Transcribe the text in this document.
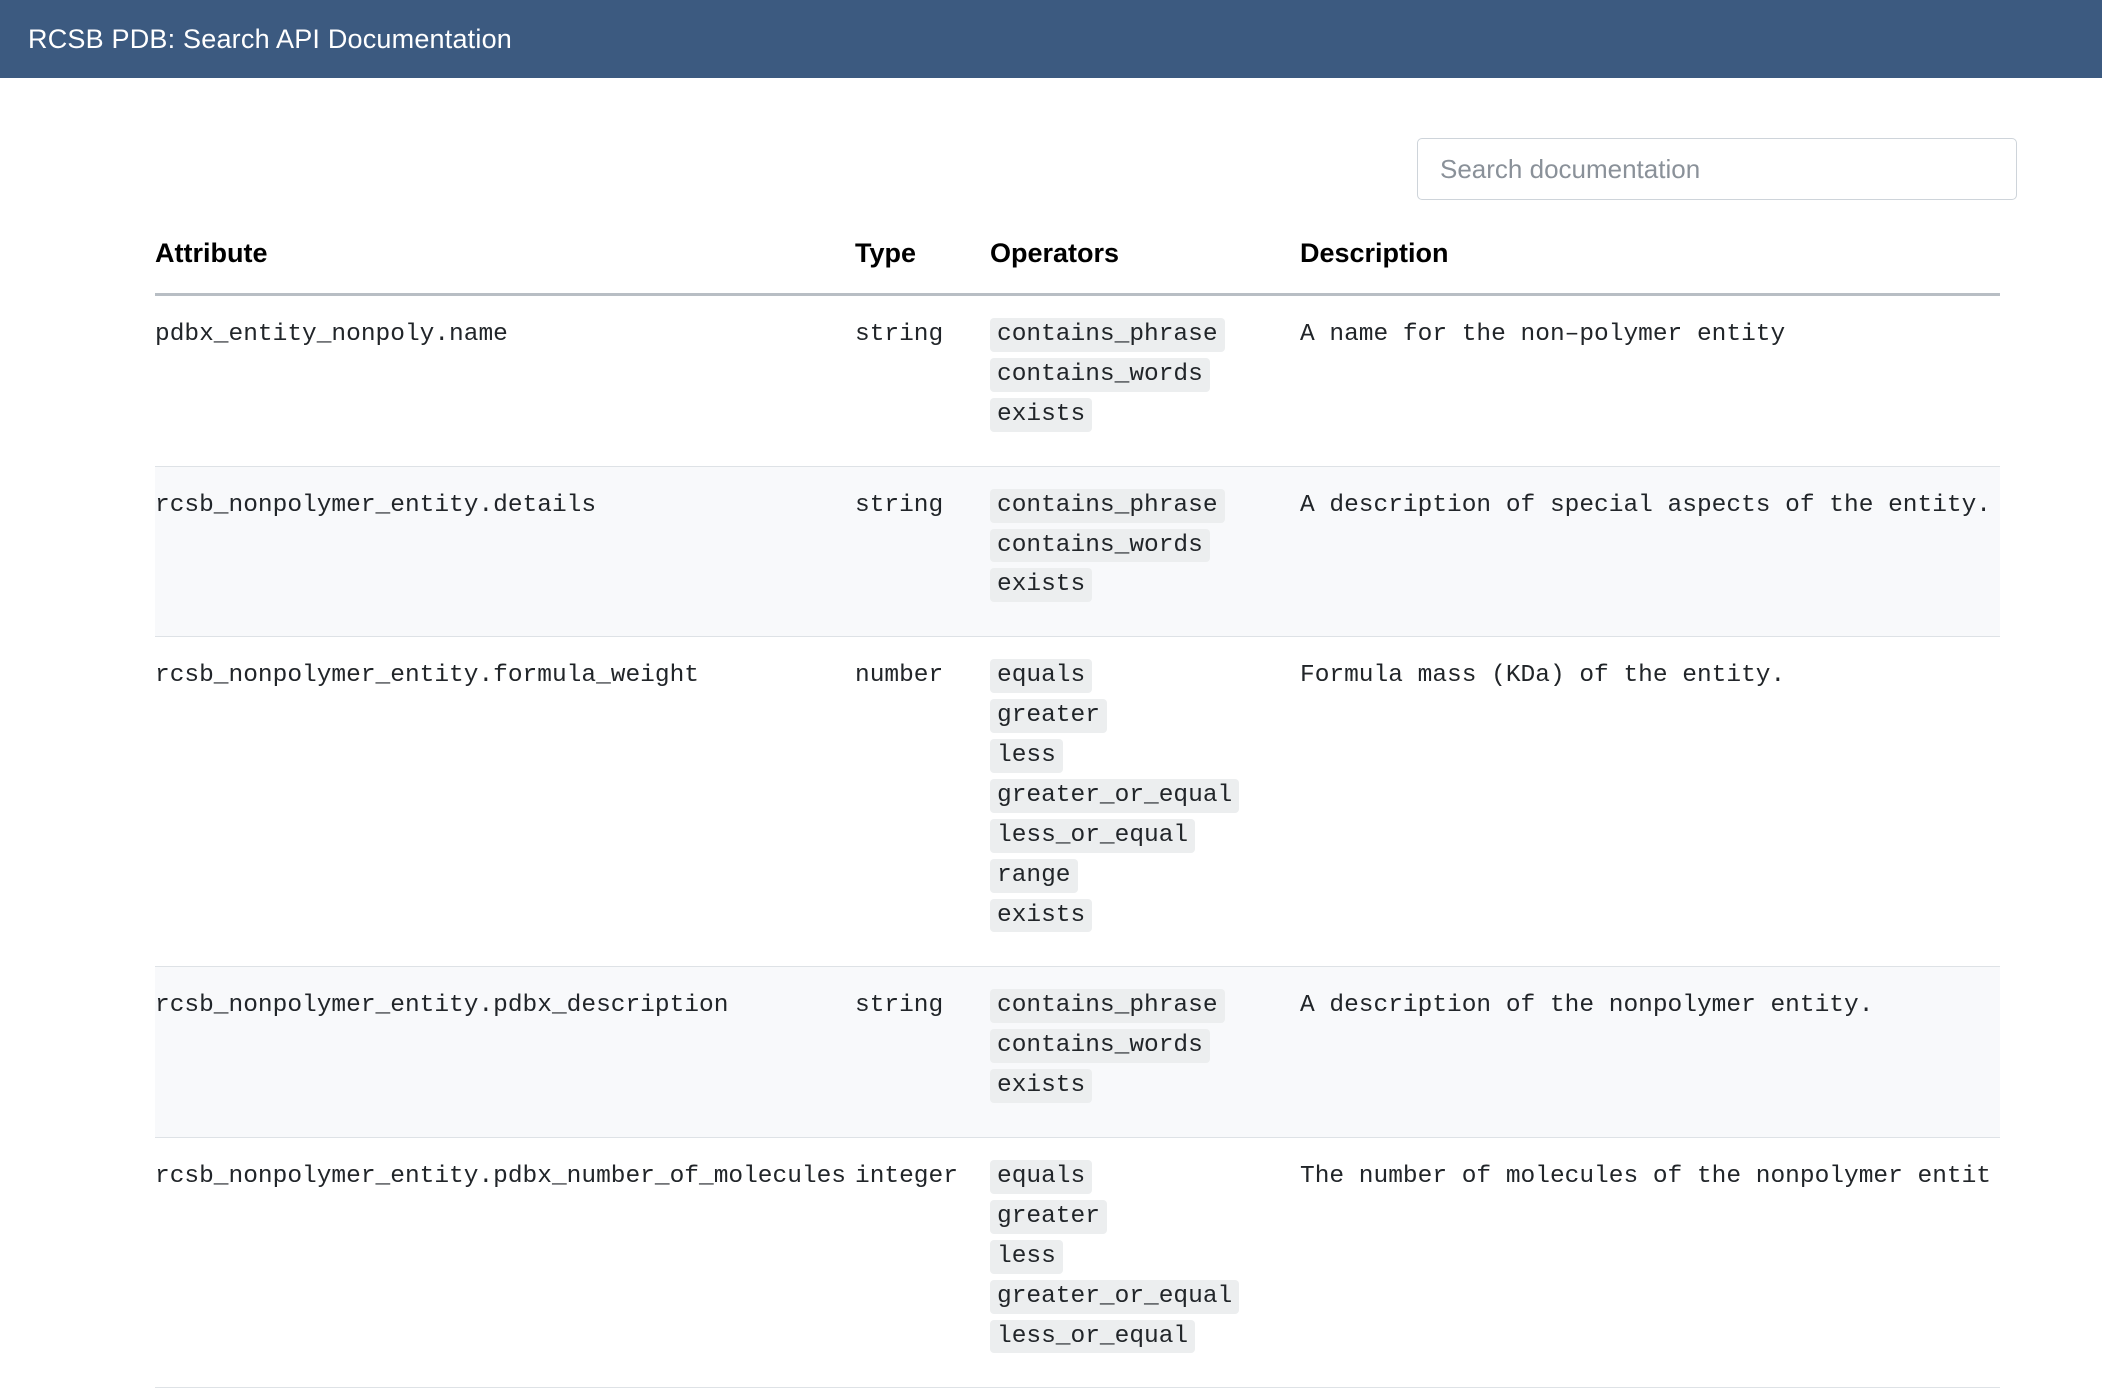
RCSB PDB: Search API Documentation
Search documentation
Attribute	Type	Operators	Description
pdbx_entity_nonpoly.name	string	contains_phrase
contains_words
exists	A name for the non–polymer entity
rcsb_nonpolymer_entity.details	string	contains_phrase
contains_words
exists	A description of special aspects of the entity.
rcsb_nonpolymer_entity.formula_weight	number	equals
greater
less
greater_or_equal
less_or_equal
range
exists
	Formula mass (KDa) of the entity.
rcsb_nonpolymer_entity.pdbx_description	string	contains_phrase
contains_words
exists	A description of the nonpolymer entity.
rcsb_nonpolymer_entity.pdbx_number_of_molecules	integer	equals
greater
less
greater_or_equal
less_or_equal	The number of molecules of the nonpolymer entit
